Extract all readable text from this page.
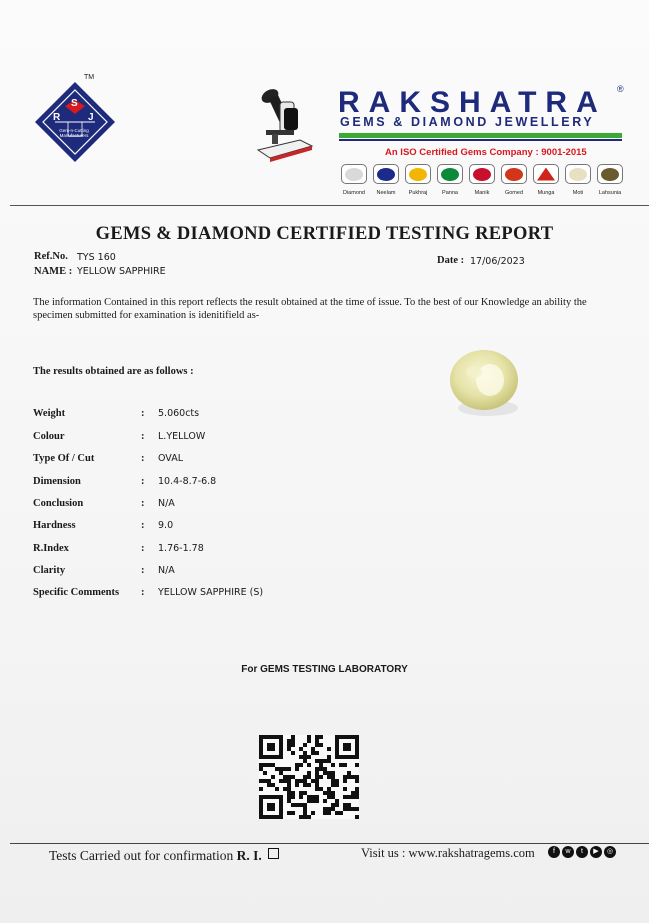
S
R	J
Gem-n-Cutting Manufacturers
TM
RAKSHATRA ®
GEMS & DIAMOND JEWELLERY
An ISO Certified Gems Company : 9001-2015
Diamond	Neelam	Pukhraj	Panna	Manik	Gomed	Munga	Moti	Lahsunia
GEMS & DIAMOND CERTIFIED TESTING REPORT
Ref.No. TYS 160
NAME : YELLOW SAPPHIRE
Date : 17/06/2023
The information Contained in this report reflects the result obtained at the time of issue. To the best of our Knowledge an ability the specimen submitted for examination is idenitifield as-
The results obtained are as follows :
Weight	: 5.060cts
Colour	: L.YELLOW
Type Of / Cut	: OVAL
Dimension	: 10.4-8.7-6.8
Conclusion	: N/A
Hardness	: 9.0
R.Index	: 1.76-1.78
Clarity	: N/A
Specific Comments : YELLOW SAPPHIRE (S)
For GEMS TESTING LABORATORY
Tests Carried out for confirmation R. I.	Visit us : www.rakshatragems.com	f	w	t	▶	◎
